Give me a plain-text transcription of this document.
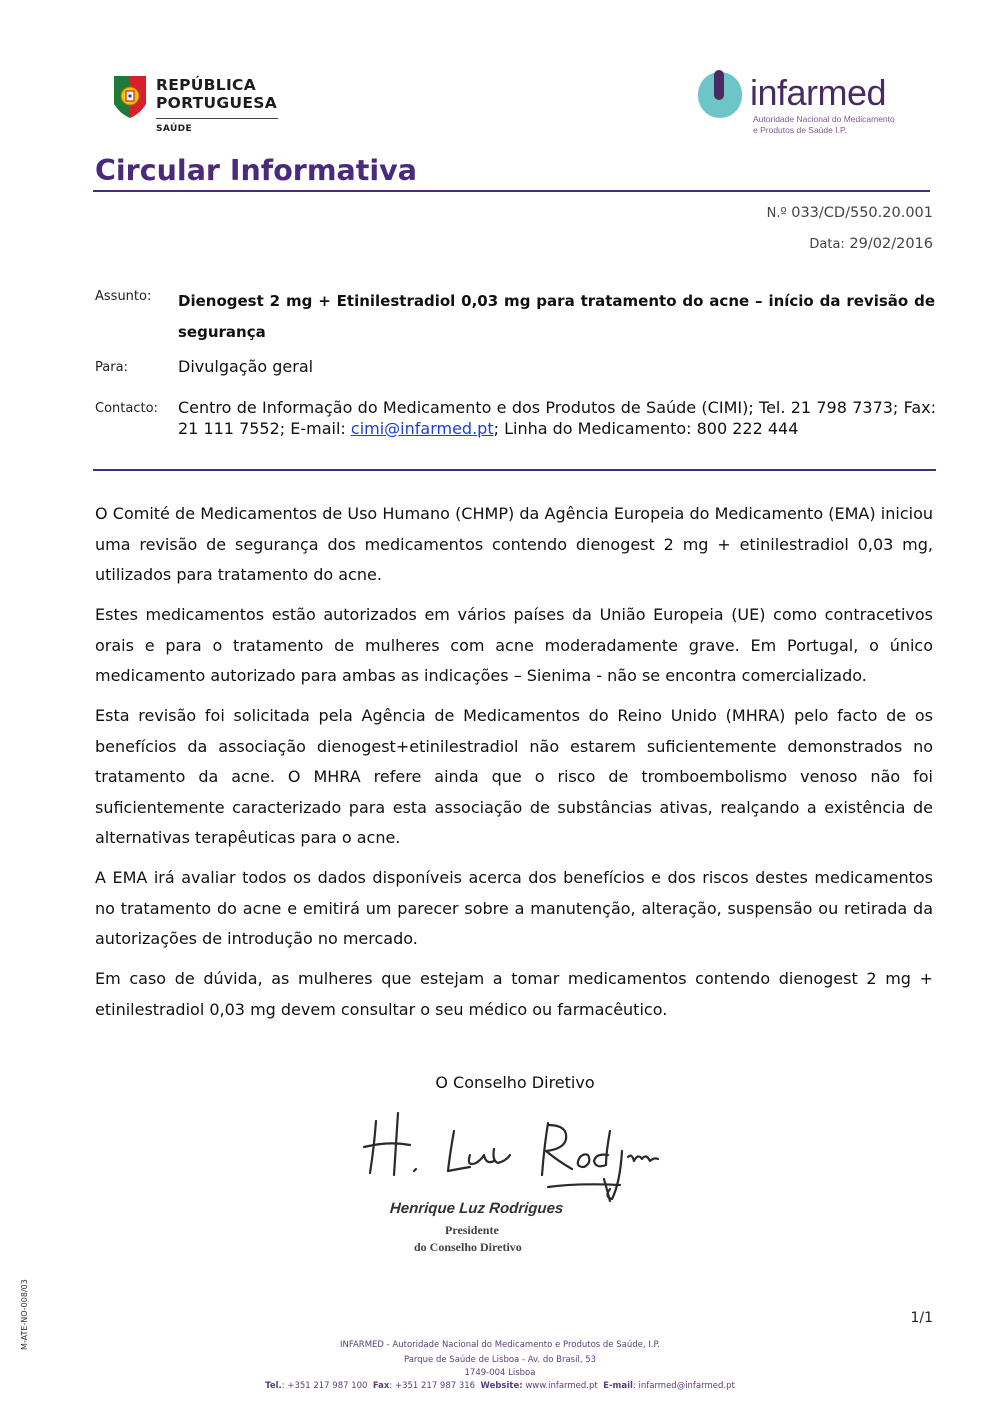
REPÚBLICA
PORTUGUESA
SAÚDE
infarmed
Autoridade Nacional do Medicamento
e Produtos de Saúde I.P.
Circular Informativa
N.º 033/CD/550.20.001
Data: 29/02/2016
Assunto: Dienogest 2 mg + Etinilestradiol 0,03 mg para tratamento do acne – início da revisão de segurança
Para:	Divulgação geral
Contacto: Centro de Informação do Medicamento e dos Produtos de Saúde (CIMI); Tel. 21 798 7373; Fax: 21 111 7552; E-mail: cimi@infarmed.pt; Linha do Medicamento: 800 222 444

O Comité de Medicamentos de Uso Humano (CHMP) da Agência Europeia do Medicamento (EMA) iniciou uma revisão de segurança dos medicamentos contendo dienogest 2 mg + etinilestradiol 0,03 mg, utilizados para tratamento do acne.

Estes medicamentos estão autorizados em vários países da União Europeia (UE) como contracetivos orais e para o tratamento de mulheres com acne moderadamente grave. Em Portugal, o único medicamento autorizado para ambas as indicações – Sienima - não se encontra comercializado.

Esta revisão foi solicitada pela Agência de Medicamentos do Reino Unido (MHRA) pelo facto de os benefícios da associação dienogest+etinilestradiol não estarem suficientemente demonstrados no tratamento da acne. O MHRA refere ainda que o risco de tromboembolismo venoso não foi suficientemente caracterizado para esta associação de substâncias ativas, realçando a existência de alternativas terapêuticas para o acne.

A EMA irá avaliar todos os dados disponíveis acerca dos benefícios e dos riscos destes medicamentos no tratamento do acne e emitirá um parecer sobre a manutenção, alteração, suspensão ou retirada da autorizações de introdução no mercado.

Em caso de dúvida, as mulheres que estejam a tomar medicamentos contendo dienogest 2 mg + etinilestradiol 0,03 mg devem consultar o seu médico ou farmacêutico.

O Conselho Diretivo
Henrique Luz Rodrigues
Presidente
do Conselho Diretivo
1/1
M-ATE-NO-008/03	INFARMED - Autoridade Nacional do Medicamento e Produtos de Saúde, I.P.
Parque de Saúde de Lisboa - Av. do Brasil, 53
1749-004 Lisboa
Tel.: +351 217 987 100 Fax: +351 217 987 316 Website: www.infarmed.pt E-mail: infarmed@infarmed.pt
